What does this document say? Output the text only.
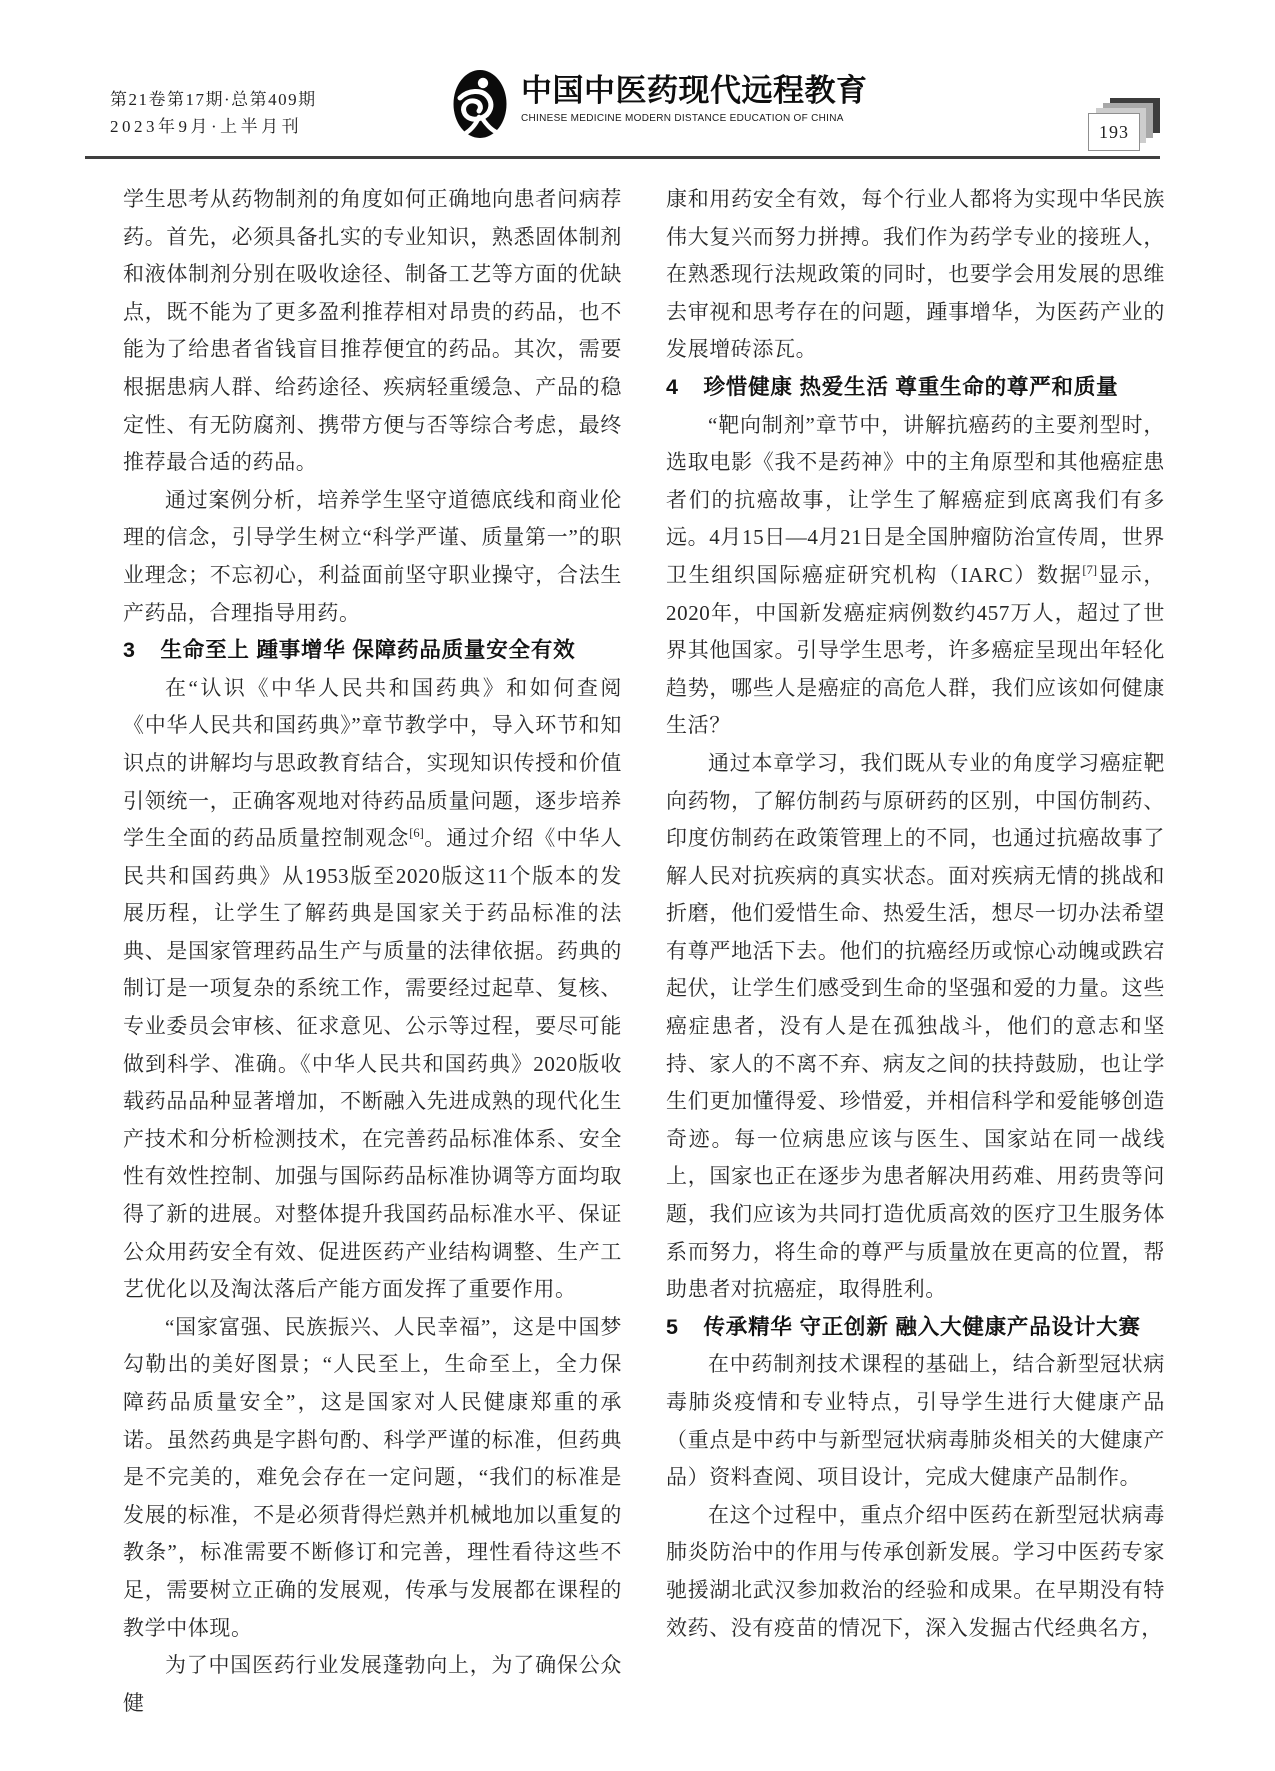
第21卷第17期·总第409期
2023年9月·上半月刊
中国中医药现代远程教育
CHINESE MEDICINE MODERN DISTANCE EDUCATION OF CHINA
193

学生思考从药物制剂的角度如何正确地向患者问病荐药。首先，必须具备扎实的专业知识，熟悉固体制剂和液体制剂分别在吸收途径、制备工艺等方面的优缺点，既不能为了更多盈利推荐相对昂贵的药品，也不能为了给患者省钱盲目推荐便宜的药品。其次，需要根据患病人群、给药途径、疾病轻重缓急、产品的稳定性、有无防腐剂、携带方便与否等综合考虑，最终推荐最合适的药品。

通过案例分析，培养学生坚守道德底线和商业伦理的信念，引导学生树立“科学严谨、质量第一”的职业理念；不忘初心，利益面前坚守职业操守，合法生产药品，合理指导用药。

3 生命至上 踵事增华 保障药品质量安全有效

在“认识《中华人民共和国药典》和如何查阅《中华人民共和国药典》”章节教学中，导入环节和知识点的讲解均与思政教育结合，实现知识传授和价值引领统一，正确客观地对待药品质量问题，逐步培养学生全面的药品质量控制观念[6]。通过介绍《中华人民共和国药典》从1953版至2020版这11个版本的发展历程，让学生了解药典是国家关于药品标准的法典、是国家管理药品生产与质量的法律依据。药典的制订是一项复杂的系统工作，需要经过起草、复核、专业委员会审核、征求意见、公示等过程，要尽可能做到科学、准确。《中华人民共和国药典》2020版收载药品品种显著增加，不断融入先进成熟的现代化生产技术和分析检测技术，在完善药品标准体系、安全性有效性控制、加强与国际药品标准协调等方面均取得了新的进展。对整体提升我国药品标准水平、保证公众用药安全有效、促进医药产业结构调整、生产工艺优化以及淘汰落后产能方面发挥了重要作用。

“国家富强、民族振兴、人民幸福”，这是中国梦勾勒出的美好图景；“人民至上，生命至上，全力保障药品质量安全”，这是国家对人民健康郑重的承诺。虽然药典是字斟句酌、科学严谨的标准，但药典是不完美的，难免会存在一定问题，“我们的标准是发展的标准，不是必须背得烂熟并机械地加以重复的教条”，标准需要不断修订和完善，理性看待这些不足，需要树立正确的发展观，传承与发展都在课程的教学中体现。

为了中国医药行业发展蓬勃向上，为了确保公众健

康和用药安全有效，每个行业人都将为实现中华民族伟大复兴而努力拼搏。我们作为药学专业的接班人，在熟悉现行法规政策的同时，也要学会用发展的思维去审视和思考存在的问题，踵事增华，为医药产业的发展增砖添瓦。

4 珍惜健康 热爱生活 尊重生命的尊严和质量

“靶向制剂”章节中，讲解抗癌药的主要剂型时，选取电影《我不是药神》中的主角原型和其他癌症患者们的抗癌故事，让学生了解癌症到底离我们有多远。4月15日—4月21日是全国肿瘤防治宣传周，世界卫生组织国际癌症研究机构（IARC）数据[7]显示，2020年，中国新发癌症病例数约457万人，超过了世界其他国家。引导学生思考，许多癌症呈现出年轻化趋势，哪些人是癌症的高危人群，我们应该如何健康生活？

通过本章学习，我们既从专业的角度学习癌症靶向药物，了解仿制药与原研药的区别，中国仿制药、印度仿制药在政策管理上的不同，也通过抗癌故事了解人民对抗疾病的真实状态。面对疾病无情的挑战和折磨，他们爱惜生命、热爱生活，想尽一切办法希望有尊严地活下去。他们的抗癌经历或惊心动魄或跌宕起伏，让学生们感受到生命的坚强和爱的力量。这些癌症患者，没有人是在孤独战斗，他们的意志和坚持、家人的不离不弃、病友之间的扶持鼓励，也让学生们更加懂得爱、珍惜爱，并相信科学和爱能够创造奇迹。每一位病患应该与医生、国家站在同一战线上，国家也正在逐步为患者解决用药难、用药贵等问题，我们应该为共同打造优质高效的医疗卫生服务体系而努力，将生命的尊严与质量放在更高的位置，帮助患者对抗癌症，取得胜利。

5 传承精华 守正创新 融入大健康产品设计大赛

在中药制剂技术课程的基础上，结合新型冠状病毒肺炎疫情和专业特点，引导学生进行大健康产品（重点是中药中与新型冠状病毒肺炎相关的大健康产品）资料查阅、项目设计，完成大健康产品制作。

在这个过程中，重点介绍中医药在新型冠状病毒肺炎防治中的作用与传承创新发展。学习中医药专家驰援湖北武汉参加救治的经验和成果。在早期没有特效药、没有疫苗的情况下，深入发掘古代经典名方，
